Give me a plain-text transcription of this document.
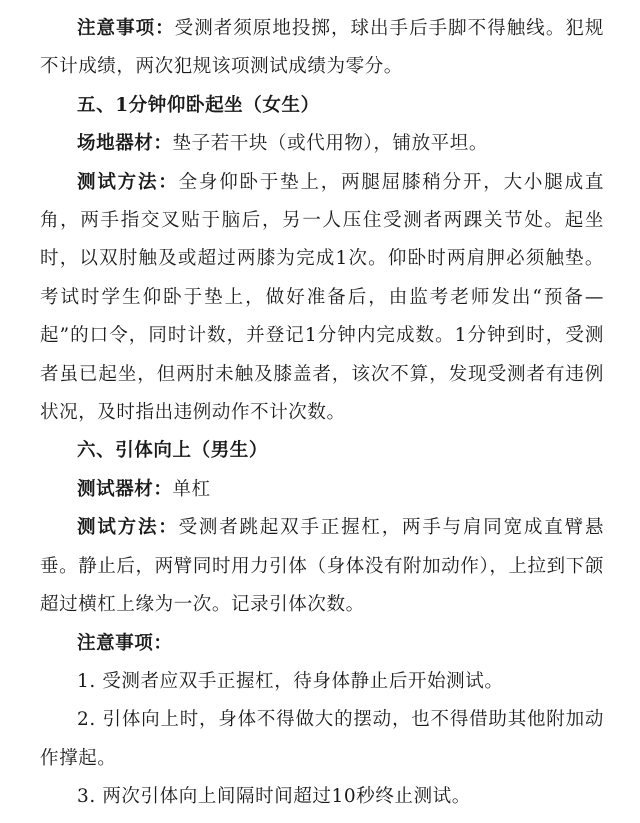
注意事项：受测者须原地投掷，球出手后手脚不得触线。犯规不计成绩，两次犯规该项测试成绩为零分。

五、1分钟仰卧起坐（女生）

场地器材：垫子若干块（或代用物），铺放平坦。

测试方法：全身仰卧于垫上，两腿屈膝稍分开，大小腿成直角，两手指交叉贴于脑后，另一人压住受测者两踝关节处。起坐时，以双肘触及或超过两膝为完成1次。仰卧时两肩胛必须触垫。考试时学生仰卧于垫上，做好准备后，由监考老师发出“预备—起”的口令，同时计数，并登记1分钟内完成数。1分钟到时，受测者虽已起坐，但两肘未触及膝盖者，该次不算，发现受测者有违例状况，及时指出违例动作不计次数。

六、引体向上（男生）

测试器材：单杠

测试方法：受测者跳起双手正握杠，两手与肩同宽成直臂悬垂。静止后，两臂同时用力引体（身体没有附加动作），上拉到下颌超过横杠上缘为一次。记录引体次数。

注意事项：

1. 受测者应双手正握杠，待身体静止后开始测试。

2. 引体向上时，身体不得做大的摆动，也不得借助其他附加动作撑起。

3. 两次引体向上间隔时间超过10秒终止测试。
